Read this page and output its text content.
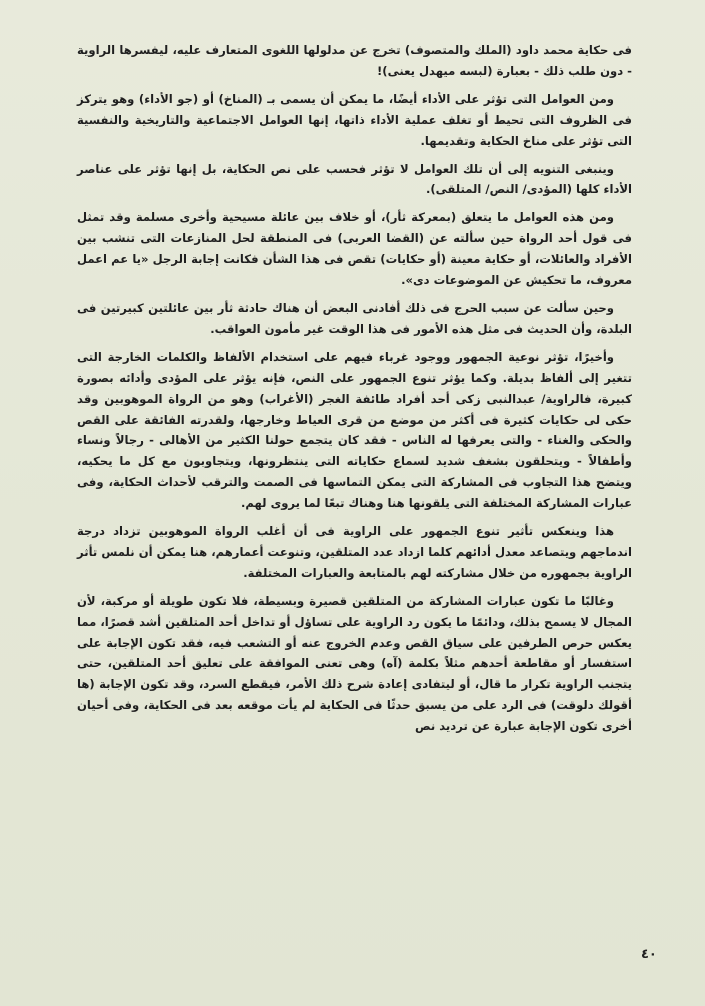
فى حكاية محمد داود (الملك والمتصوف) تخرج عن مدلولها اللغوى المتعارف عليه، ليفسرها الراوية - دون طلب ذلك - بعبارة (لبسه ميهدل يعنى)!

ومن العوامل التى تؤثر على الأداء أيضًا، ما يمكن أن يسمى بـ (المناخ) أو (جو الأداء) وهو يتركز فى الظروف التى تحيط أو تغلف عملية الأداء ذاتها، إنها العوامل الاجتماعية والتاريخية والنفسية التى تؤثر على مناخ الحكاية وتقديمها.

وينبغى التنويه إلى أن تلك العوامل لا تؤثر فحسب على نص الحكاية، بل إنها تؤثر على عناصر الأداء كلها (المؤدى/ النص/ المتلقى).

ومن هذه العوامل ما يتعلق (بمعركة ثأر)، أو خلاف بين عائلة مسيحية وأخرى مسلمة وقد تمثل فى قول أحد الرواة حين سألته عن (القضا العربى) فى المنطقة لحل المنازعات التى تنشب بين الأفراد والعائلات، أو حكاية معينة (أو حكايات) تقص فى هذا الشأن فكانت إجابة الرجل «يا عم اعمل معروف، ما تحكيش عن الموضوعات دى».

وحين سألت عن سبب الحرج فى ذلك أفادنى البعض أن هناك حادثة ثأر بين عائلتين كبيرتين فى البلدة، وأن الحديث فى مثل هذه الأمور فى هذا الوقت غير مأمون العواقب.

وأخيرًا، تؤثر نوعية الجمهور ووجود غرباء فيهم على استخدام الألفاظ والكلمات الخارجة التى تتغير إلى ألفاظ بديلة. وكما يؤثر تنوع الجمهور على النص، فإنه يؤثر على المؤدى وأدائه بصورة كبيرة، فالراوية/ عبدالنبى زكى أحد أفراد طائفة الغجر (الأغراب) وهو من الرواة الموهوبين وقد حكى لى حكايات كثيرة فى أكثر من موضع من قرى العياط وخارجها، ولقدرته الفائقة على القص والحكى والغناء - والتى يعرفها له الناس - فقد كان يتجمع حولنا الكثير من الأهالى - رجالاً ونساء وأطفالاً - ويتحلقون بشغف شديد لسماع حكاياته التى ينتظرونها، ويتجاوبون مع كل ما يحكيه، ويتضح هذا التجاوب فى المشاركة التى يمكن التماسها فى الصمت والترقب لأحداث الحكاية، وفى عبارات المشاركة المختلفة التى يلقونها هنا وهناك تبعًا لما يروى لهم.

هذا وينعكس تأثير تنوع الجمهور على الراوية فى أن أغلب الرواة الموهوبين تزداد درجة اندماجهم ويتصاعد معدل أدائهم كلما ازداد عدد المتلقين، وتنوعت أعمارهم، هنا يمكن أن نلمس تأثر الراوية بجمهوره من خلال مشاركته لهم بالمتابعة والعبارات المختلفة.

وغالبًا ما تكون عبارات المشاركة من المتلقين قصيرة وبسيطة، فلا تكون طويلة أو مركبة، لأن المجال لا يسمح بذلك، ودائمًا ما يكون رد الراوية على تساؤل أو تداخل أحد المتلقين أشد قصرًا، مما يعكس حرص الطرفين على سياق القص وعدم الخروج عنه أو التشعب فيه، فقد تكون الإجابة على استفسار أو مقاطعة أحدهم مثلاً بكلمة (آه) وهى تعنى الموافقة على تعليق أحد المتلقين، حتى يتجنب الراوية تكرار ما قال، أو ليتفادى إعادة شرح ذلك الأمر، فيقطع السرد، وقد تكون الإجابة (ها أقولك دلوقت) فى الرد على من يسبق حدثًا فى الحكاية لم يأت موقعه بعد فى الحكاية، وفى أحيان أخرى تكون الإجابة عبارة عن ترديد نص

٤٠
